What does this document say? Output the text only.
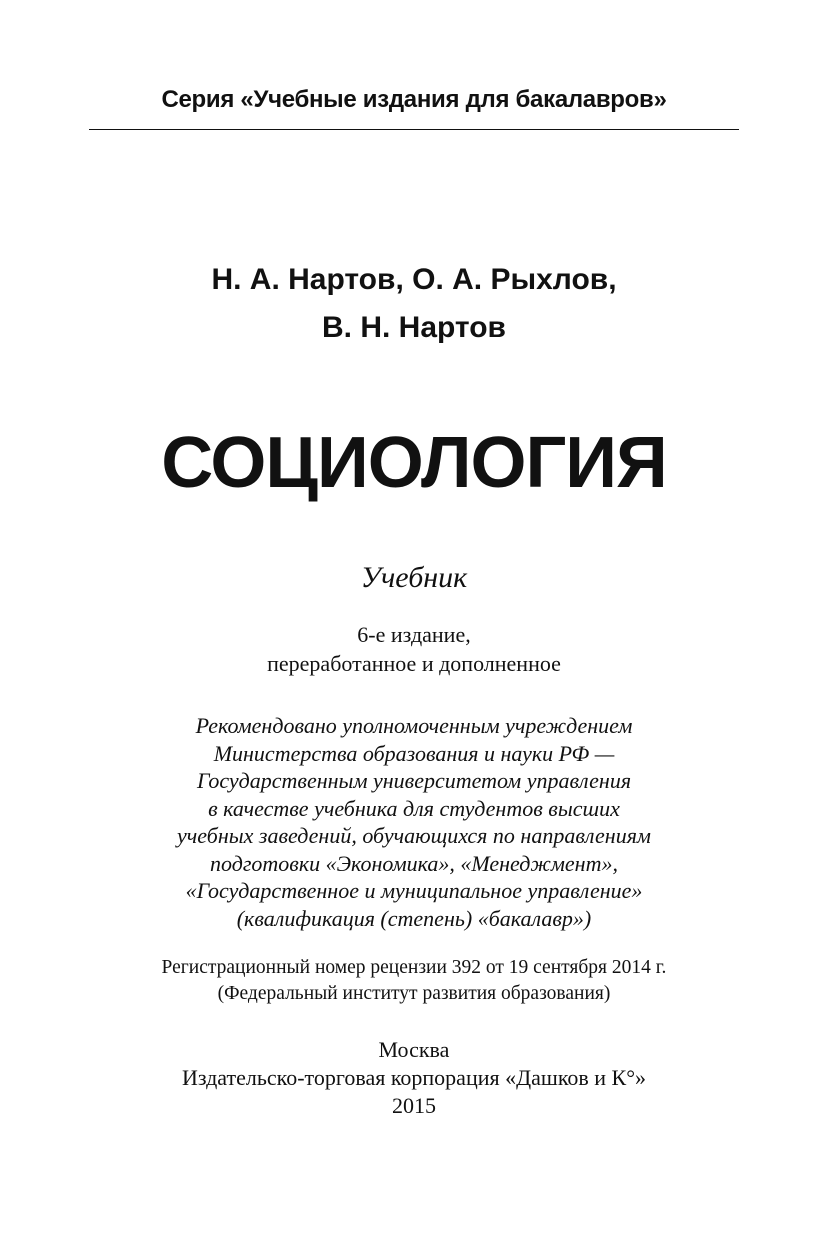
Серия «Учебные издания для бакалавров»
Н. А. Нартов, О. А. Рыхлов,
В. Н. Нартов
СОЦИОЛОГИЯ
Учебник
6-е издание,
переработанное и дополненное
Рекомендовано уполномоченным учреждением
Министерства образования и науки РФ —
Государственным университетом управления
в качестве учебника для студентов высших
учебных заведений, обучающихся по направлениям
подготовки «Экономика», «Менеджмент»,
«Государственное и муниципальное управление»
(квалификация (степень) «бакалавр»)
Регистрационный номер рецензии 392 от 19 сентября 2014 г.
(Федеральный институт развития образования)
Москва
Издательско-торговая корпорация «Дашков и К°»
2015
